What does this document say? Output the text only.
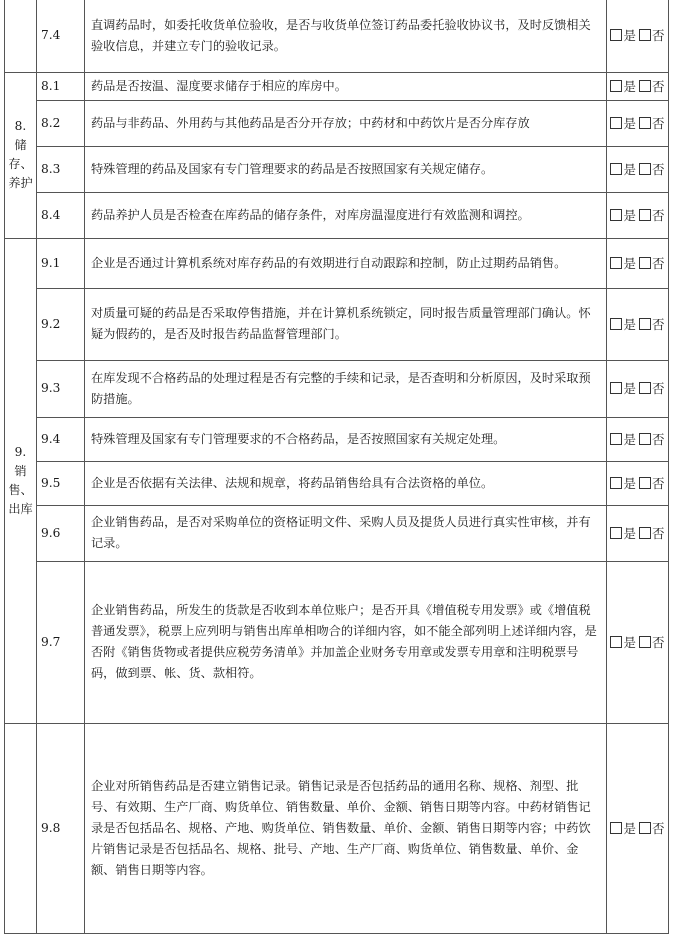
	7.4	直调药品时，如委托收货单位验收，是否与收货单位签订药品委托验收协议书，及时反馈相关验收信息，并建立专门的验收记录。	是 否
8. 储存、养护	8.1	药品是否按温、湿度要求储存于相应的库房中。	是 否
	8.2	药品与非药品、外用药与其他药品是否分开存放；中药材和中药饮片是否分库存放	是 否
	8.3	特殊管理的药品及国家有专门管理要求的药品是否按照国家有关规定储存。	是 否
	8.4	药品养护人员是否检查在库药品的储存条件，对库房温湿度进行有效监测和调控。	是 否
9. 销售、出库	9.1	企业是否通过计算机系统对库存药品的有效期进行自动跟踪和控制，防止过期药品销售。	是 否
	9.2	对质量可疑的药品是否采取停售措施，并在计算机系统锁定，同时报告质量管理部门确认。怀疑为假药的，是否及时报告药品监督管理部门。	是 否
	9.3	在库发现不合格药品的处理过程是否有完整的手续和记录，是否查明和分析原因，及时采取预防措施。	是 否
	9.4	特殊管理及国家有专门管理要求的不合格药品，是否按照国家有关规定处理。	是 否
	9.5	企业是否依据有关法律、法规和规章，将药品销售给具有合法资格的单位。	是 否
	9.6	企业销售药品，是否对采购单位的资格证明文件、采购人员及提货人员进行真实性审核，并有记录。	是 否
	9.7	企业销售药品，所发生的货款是否收到本单位账户；是否开具《增值税专用发票》或《增值税普通发票》，税票上应列明与销售出库单相吻合的详细内容，如不能全部列明上述详细内容，是否附《销售货物或者提供应税劳务清单》并加盖企业财务专用章或发票专用章和注明税票号码，做到票、帐、货、款相符。	是 否
	9.8	企业对所销售药品是否建立销售记录。销售记录是否包括药品的通用名称、规格、剂型、批号、有效期、生产厂商、购货单位、销售数量、单价、金额、销售日期等内容。中药材销售记录是否包括品名、规格、产地、购货单位、销售数量、单价、金额、销售日期等内容；中药饮片销售记录是否包括品名、规格、批号、产地、生产厂商、购货单位、销售数量、单价、金额、销售日期等内容。	是 否
